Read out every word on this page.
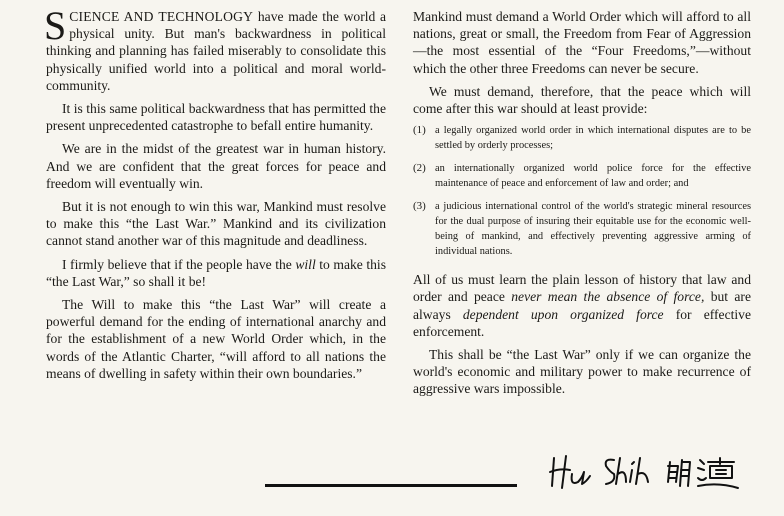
SCIENCE AND TECHNOLOGY have made the world a physical unity. But man's backwardness in political thinking and planning has failed miserably to consolidate this physically unified world into a political and moral world-community.

It is this same political backwardness that has permitted the present unprecedented catastrophe to befall entire humanity.

We are in the midst of the greatest war in human history. And we are confident that the great forces for peace and freedom will eventually win.

But it is not enough to win this war, Mankind must resolve to make this “the Last War.” Mankind and its civilization cannot stand another war of this magnitude and deadliness.

I firmly believe that if the people have the will to make this “the Last War,” so shall it be!

The Will to make this “the Last War” will create a powerful demand for the ending of international anarchy and for the establishment of a new World Order which, in the words of the Atlantic Charter, “will afford to all nations the means of dwelling in safety within their own boundaries.”

Mankind must demand a World Order which will afford to all nations, great or small, the Freedom from Fear of Aggression—the most essential of the “Four Freedoms,”—without which the other three Freedoms can never be secure.

We must demand, therefore, that the peace which will come after this war should at least provide:

(1) a legally organized world order in which international disputes are to be settled by orderly processes;
(2) an internationally organized world police force for the effective maintenance of peace and enforcement of law and order; and
(3) a judicious international control of the world's strategic mineral resources for the dual purpose of insuring their equitable use for the economic well-being of mankind, and effectively preventing aggressive arming of individual nations.

All of us must learn the plain lesson of history that law and order and peace never mean the absence of force, but are always dependent upon organized force for effective enforcement.

This shall be “the Last War” only if we can organize the world's economic and military power to make recurrence of aggressive wars impossible.
